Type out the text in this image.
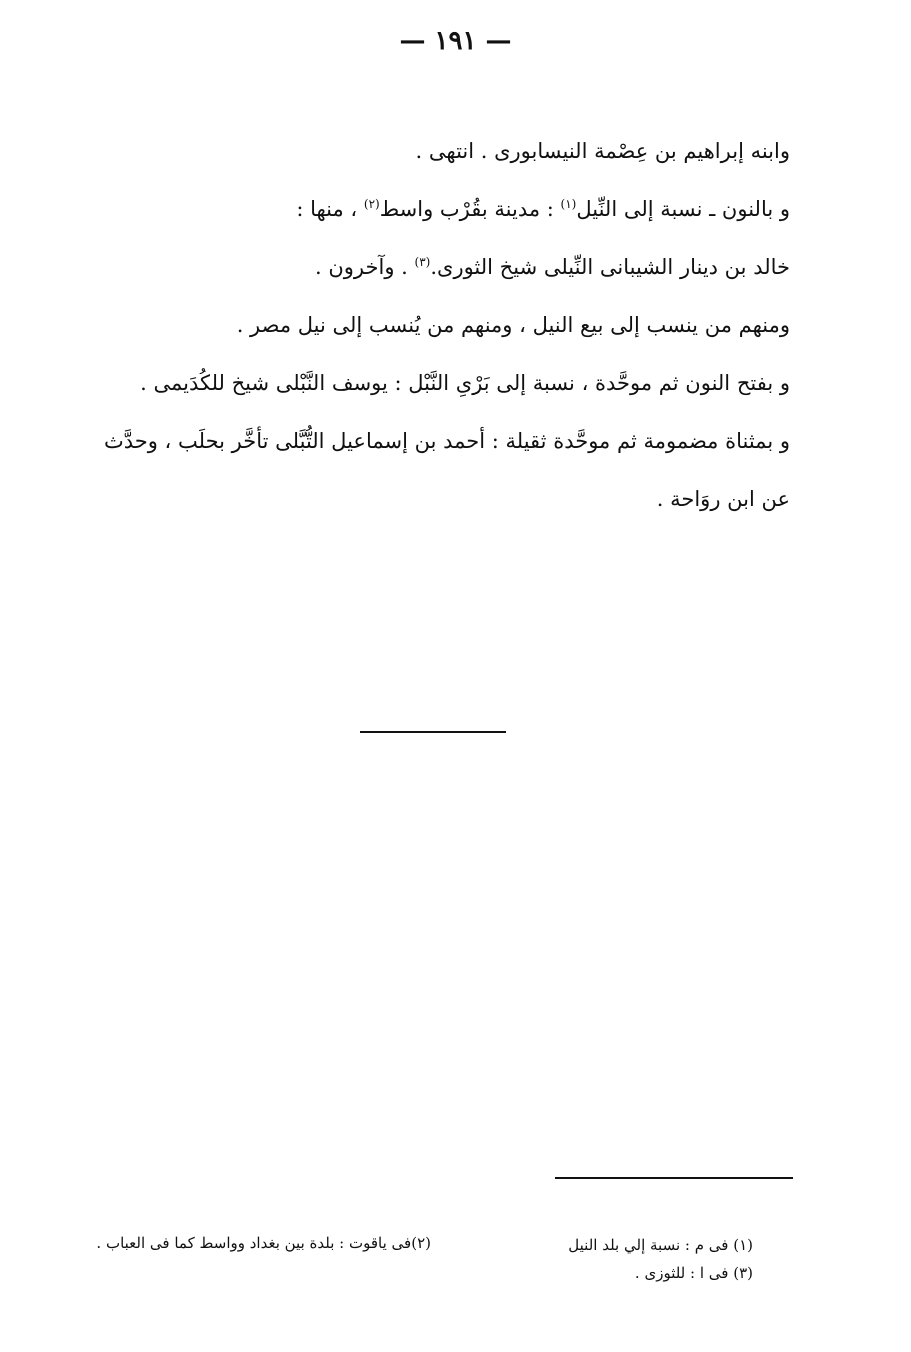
— ١٩١ —

وابنه إبراهيم بن عِصْمة النيسابورى . انتهى .

و بالنون ـ نسبة إلى النِّيل$^{(١)}$ : مدينة بقُرْب واسط$^{(٢)}$ ، منها :

خالد بن دينار الشيبانى النِّيلى شيخ الثورى.$^{(٣)}$ . وآخرون .

ومنهم من ينسب إلى بيع النيل ، ومنهم من يُنسب إلى نيل مصر .

و بفتح النون ثم موحَّدة ، نسبة إلى بَرْىِ النَّبْل : يوسف النَّبْلى شيخ للكُدَيمى .

و بمثناة مضمومة ثم موحَّدة ثقيلة : أحمد بن إسماعيل التُّبَّلى تأخَّر بحلَب ، وحدَّث عن ابن روَاحة .

(١) فى م : نسبة إلي بلد النيل
(٣) فى ا : للثوزى .
(٢)فى ياقوت : بلدة بين بغداد وواسط كما فى العباب .
